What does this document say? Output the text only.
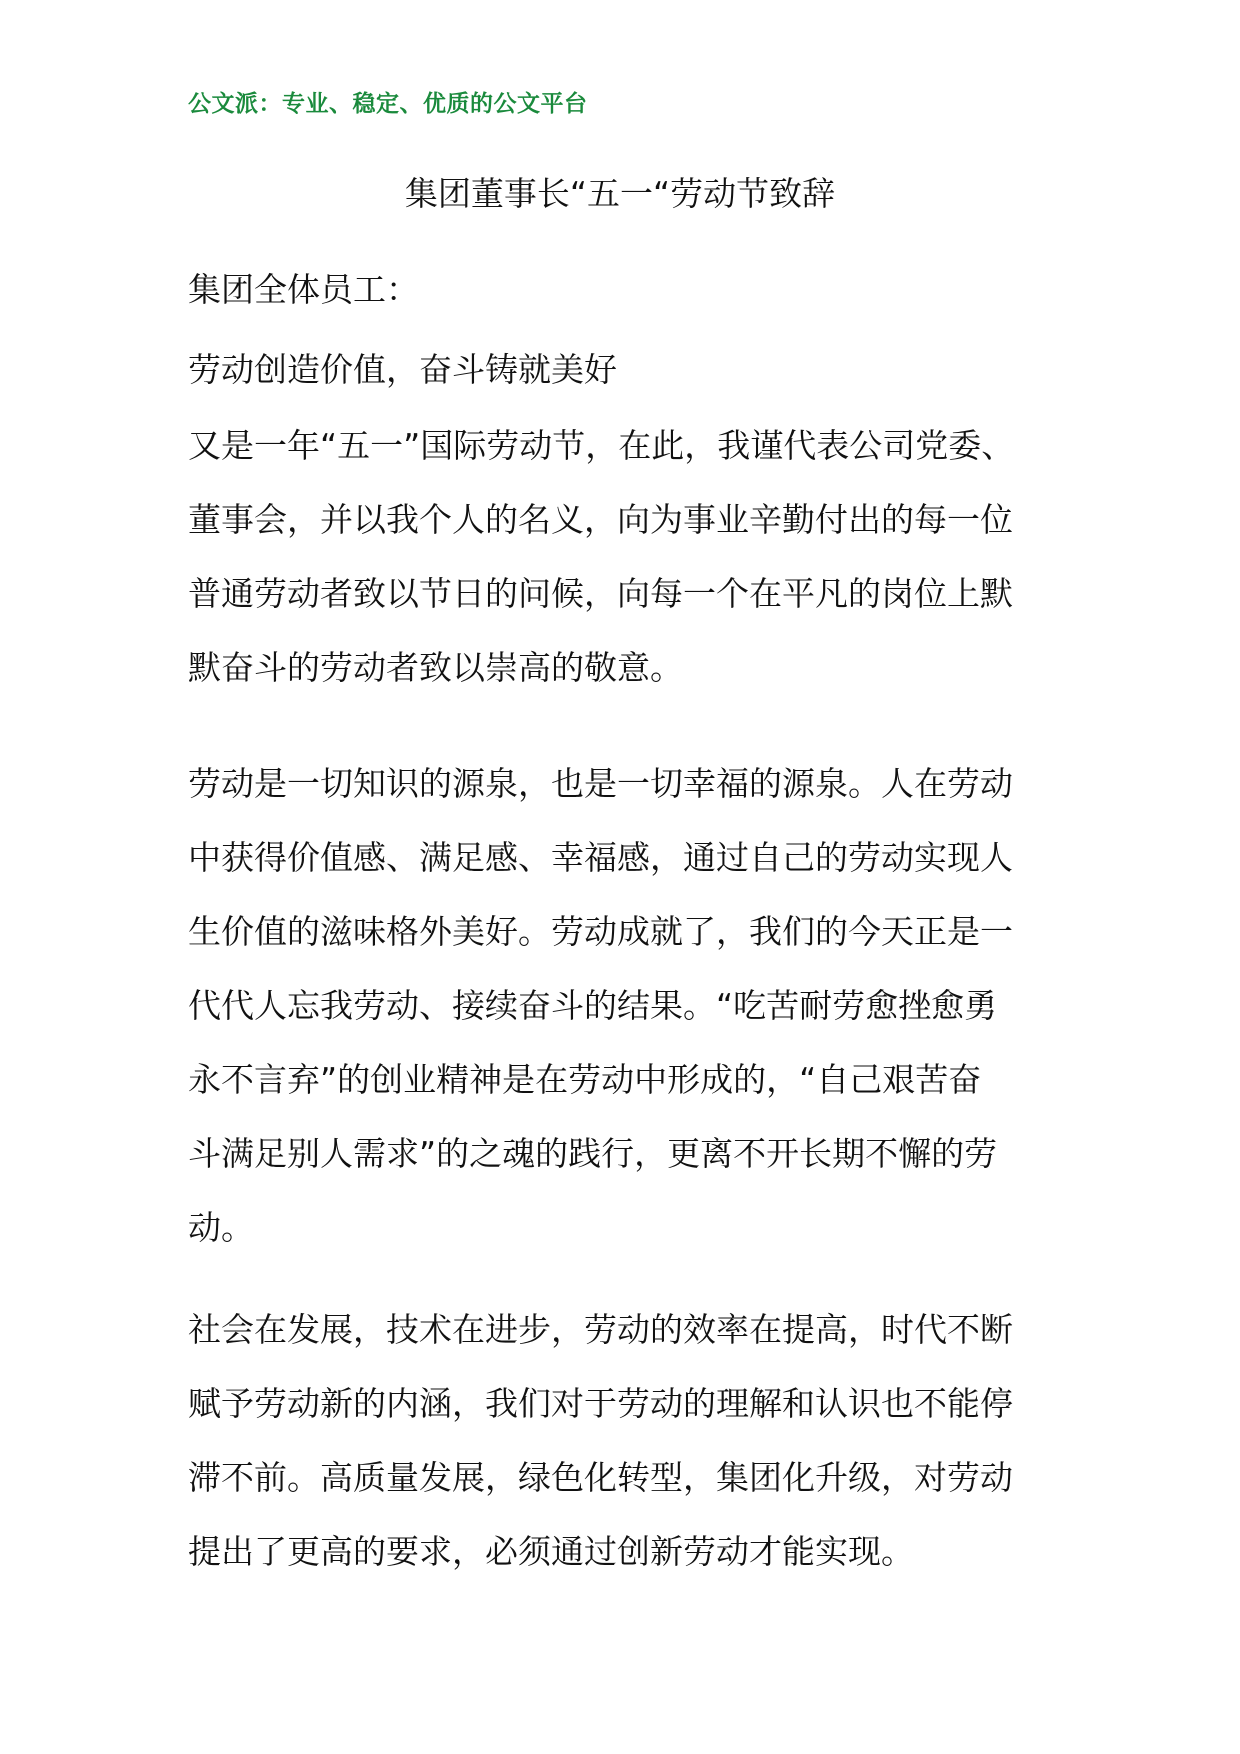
公文派：专业、稳定、优质的公文平台
集团董事长“五一“劳动节致辞
集团全体员工：
劳动创造价值，奋斗铸就美好
又是一年“五一”国际劳动节，在此，我谨代表公司党委、
董事会，并以我个人的名义，向为事业辛勤付出的每一位
普通劳动者致以节日的问候，向每一个在平凡的岗位上默
默奋斗的劳动者致以崇高的敬意。
劳动是一切知识的源泉，也是一切幸福的源泉。人在劳动
中获得价值感、满足感、幸福感，通过自己的劳动实现人
生价值的滋味格外美好。劳动成就了，我们的今天正是一
代代人忘我劳动、接续奋斗的结果。“吃苦耐劳愈挫愈勇
永不言弃”的创业精神是在劳动中形成的，“自己艰苦奋
斗满足别人需求”的之魂的践行，更离不开长期不懈的劳
动。
社会在发展，技术在进步，劳动的效率在提高，时代不断
赋予劳动新的内涵，我们对于劳动的理解和认识也不能停
滞不前。高质量发展，绿色化转型，集团化升级，对劳动
提出了更高的要求，必须通过创新劳动才能实现。
